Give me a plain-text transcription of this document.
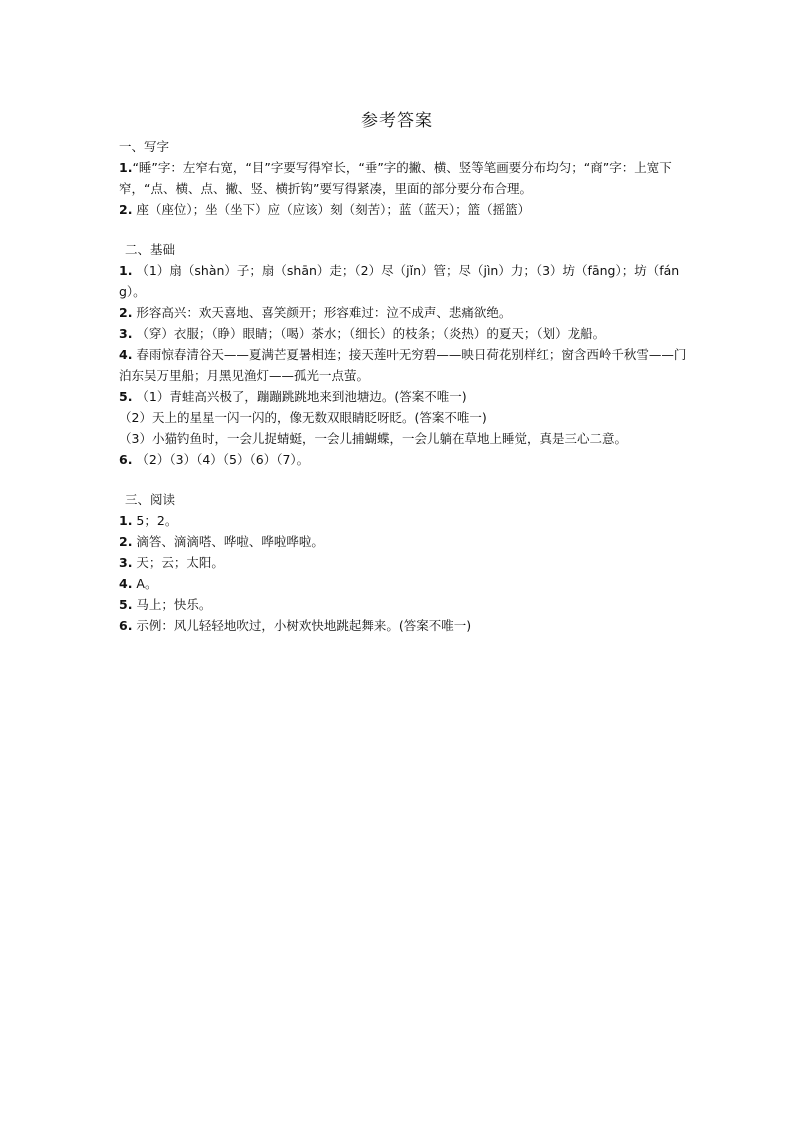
参考答案

一、写字

1.“睡”字：左窄右宽，“目”字要写得窄长，“垂”字的撇、横、竖等笔画要分布均匀；“商”字：上宽下窄，“点、横、点、撇、竖、横折钩”要写得紧凑，里面的部分要分布合理。

2. 座（座位）；坐（坐下）应（应该）刻（刻苦）；蓝（蓝天）；篮（摇篮）

二、基础

1. （1）扇（shàn）子；扇（shān）走；（2）尽（jǐn）管；尽（jìn）力；（3）坊（fāng）；坊（fáng）。

2. 形容高兴：欢天喜地、喜笑颜开；形容难过：泣不成声、悲痛欲绝。

3. （穿）衣服；（睁）眼睛；（喝）茶水；（细长）的枝条；（炎热）的夏天；（划）龙船。

4. 春雨惊春清谷天——夏满芒夏暑相连；接天莲叶无穷碧——映日荷花别样红；窗含西岭千秋雪——门泊东吴万里船；月黑见渔灯——孤光一点萤。

5. （1）青蛙高兴极了，蹦蹦跳跳地来到池塘边。(答案不唯一)

（2）天上的星星一闪一闪的，像无数双眼睛眨呀眨。(答案不唯一)

（3）小猫钓鱼时，一会儿捉蜻蜓，一会儿捕蝴蝶，一会儿躺在草地上睡觉，真是三心二意。

6. （2）（3）（4）（5）（6）（7）。

三、阅读

1. 5；2。

2. 滴答、滴滴嗒、哗啦、哗啦哗啦。

3. 天；云；太阳。

4. A。

5. 马上；快乐。

6. 示例：风儿轻轻地吹过，小树欢快地跳起舞来。(答案不唯一)
